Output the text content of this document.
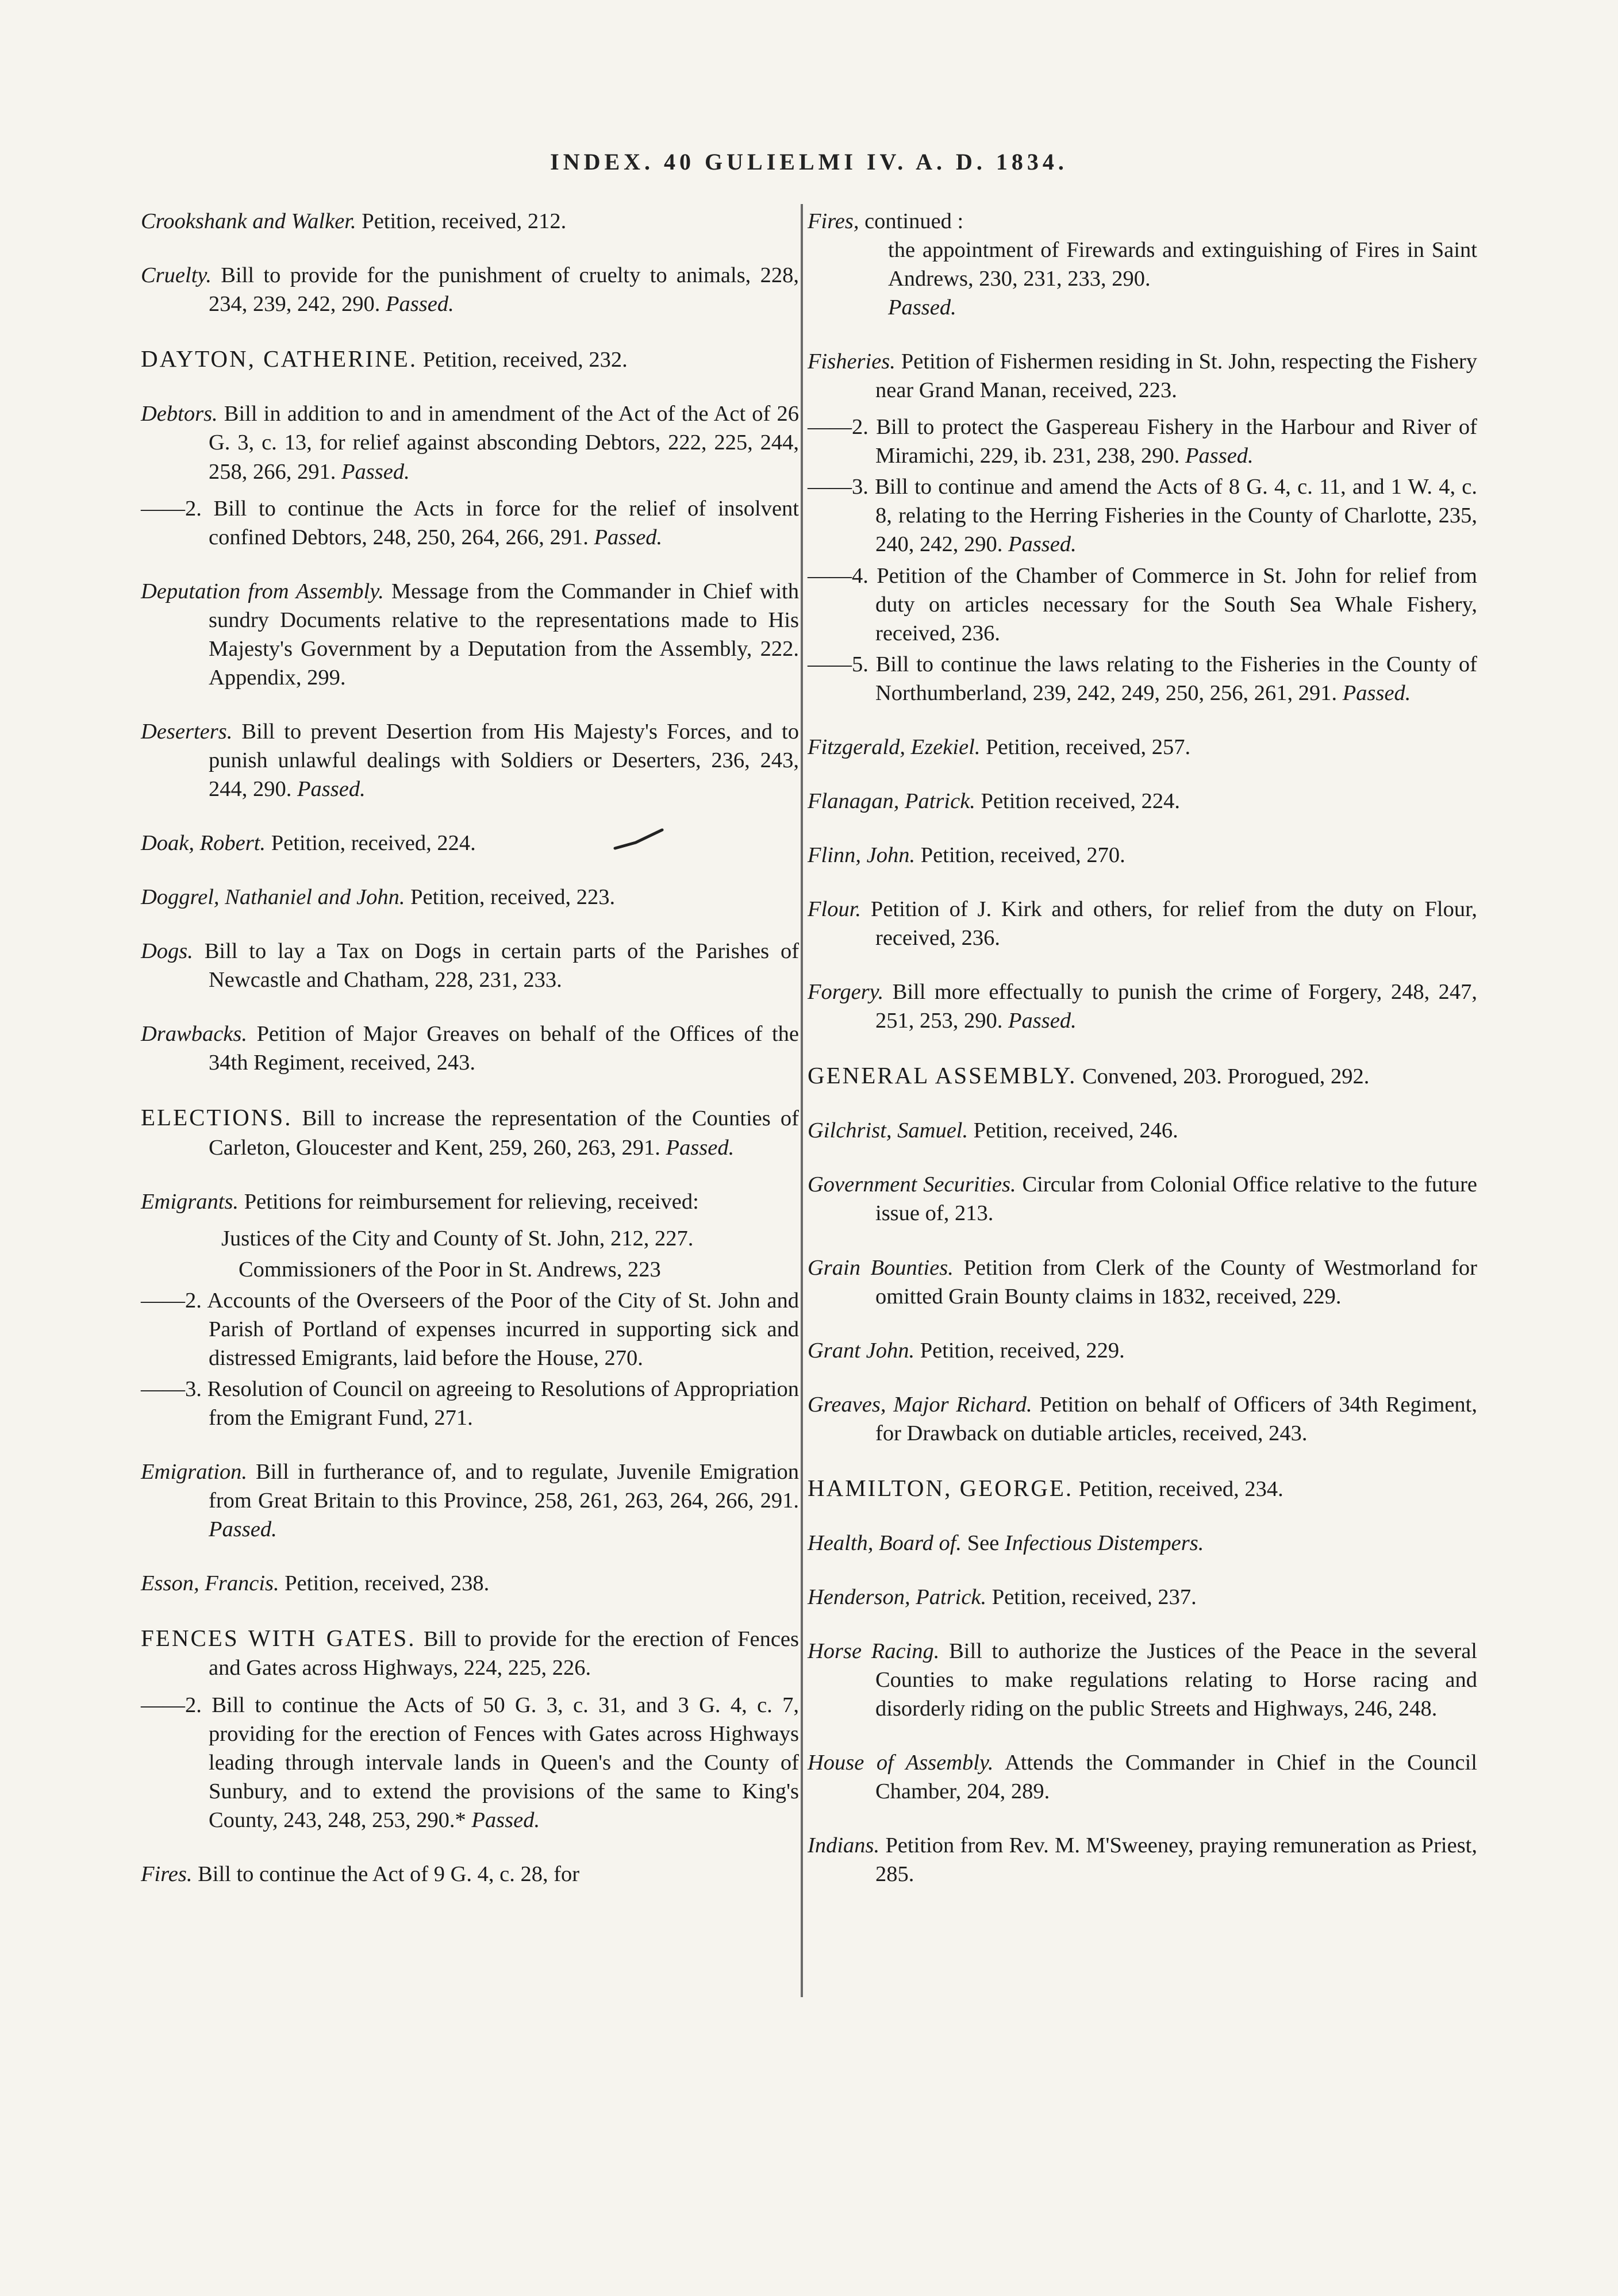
INDEX. 40 GULIELMI IV. A. D. 1834.
Crookshank and Walker. Petition, received, 212.
Cruelty. Bill to provide for the punishment of cruelty to animals, 228, 234, 239, 242, 290. Passed.
DAYTON, CATHERINE. Petition, received, 232.
Debtors. Bill in addition to and in amendment of the Act of the Act of 26 G. 3, c. 13, for relief against absconding Debtors, 222, 225, 244, 258, 266, 291. Passed.
——2. Bill to continue the Acts in force for the relief of insolvent confined Debtors, 248, 250, 264, 266, 291. Passed.
Deputation from Assembly. Message from the Commander in Chief with sundry Documents relative to the representations made to His Majesty's Government by a Deputation from the Assembly, 222. Appendix, 299.
Deserters. Bill to prevent Desertion from His Majesty's Forces, and to punish unlawful dealings with Soldiers or Deserters, 236, 243, 244, 290. Passed.
Doak, Robert. Petition, received, 224.
Doggrel, Nathaniel and John. Petition, received, 223.
Dogs. Bill to lay a Tax on Dogs in certain parts of the Parishes of Newcastle and Chatham, 228, 231, 233.
Drawbacks. Petition of Major Greaves on behalf of the Offices of the 34th Regiment, received, 243.
ELECTIONS. Bill to increase the representation of the Counties of Carleton, Gloucester and Kent, 259, 260, 263, 291. Passed.
Emigrants. Petitions for reimbursement for relieving, received:
Justices of the City and County of St. John, 212, 227.
Commissioners of the Poor in St. Andrews, 223
——2. Accounts of the Overseers of the Poor of the City of St. John and Parish of Portland of expenses incurred in supporting sick and distressed Emigrants, laid before the House, 270.
——3. Resolution of Council on agreeing to Resolutions of Appropriation from the Emigrant Fund, 271.
Emigration. Bill in furtherance of, and to regulate, Juvenile Emigration from Great Britain to this Province, 258, 261, 263, 264, 266, 291. Passed.
Esson, Francis. Petition, received, 238.
FENCES WITH GATES. Bill to provide for the erection of Fences and Gates across Highways, 224, 225, 226.
——2. Bill to continue the Acts of 50 G. 3, c. 31, and 3 G. 4, c. 7, providing for the erection of Fences with Gates across Highways leading through intervale lands in Queen's and the County of Sunbury, and to extend the provisions of the same to King's County, 243, 248, 253, 290.* Passed.
Fires. Bill to continue the Act of 9 G. 4, c. 28, for
Fires, continued :
the appointment of Firewards and extinguishing of Fires in Saint Andrews, 230, 231, 233, 290.
Passed.
Fisheries. Petition of Fishermen residing in St. John, respecting the Fishery near Grand Manan, received, 223.
——2. Bill to protect the Gaspereau Fishery in the Harbour and River of Miramichi, 229, ib. 231, 238, 290. Passed.
——3. Bill to continue and amend the Acts of 8 G. 4, c. 11, and 1 W. 4, c. 8, relating to the Herring Fisheries in the County of Charlotte, 235, 240, 242, 290. Passed.
——4. Petition of the Chamber of Commerce in St. John for relief from duty on articles necessary for the South Sea Whale Fishery, received, 236.
——5. Bill to continue the laws relating to the Fisheries in the County of Northumberland, 239, 242, 249, 250, 256, 261, 291. Passed.
Fitzgerald, Ezekiel. Petition, received, 257.
Flanagan, Patrick. Petition received, 224.
Flinn, John. Petition, received, 270.
Flour. Petition of J. Kirk and others, for relief from the duty on Flour, received, 236.
Forgery. Bill more effectually to punish the crime of Forgery, 248, 247, 251, 253, 290. Passed.
GENERAL ASSEMBLY. Convened, 203. Prorogued, 292.
Gilchrist, Samuel. Petition, received, 246.
Government Securities. Circular from Colonial Office relative to the future issue of, 213.
Grain Bounties. Petition from Clerk of the County of Westmorland for omitted Grain Bounty claims in 1832, received, 229.
Grant John. Petition, received, 229.
Greaves, Major Richard. Petition on behalf of Officers of 34th Regiment, for Drawback on dutiable articles, received, 243.
HAMILTON, GEORGE. Petition, received, 234.
Health, Board of. See Infectious Distempers.
Henderson, Patrick. Petition, received, 237.
Horse Racing. Bill to authorize the Justices of the Peace in the several Counties to make regulations relating to Horse racing and disorderly riding on the public Streets and Highways, 246, 248.
House of Assembly. Attends the Commander in Chief in the Council Chamber, 204, 289.
Indians. Petition from Rev. M. M'Sweeney, praying remuneration as Priest, 285.
